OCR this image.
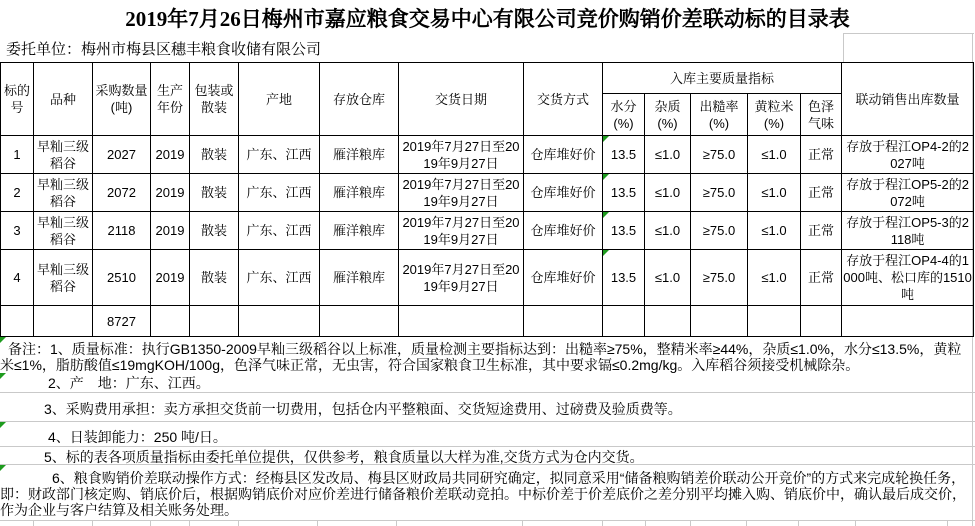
2019年7月26日梅州市嘉应粮食交易中心有限公司竞价购销价差联动标的目录表
委托单位：梅州市梅县区穗丰粮食收储有限公司
标的号	品种	采购数量(吨)	生产年份	包装或散装	产地	存放仓库	交货日期	交货方式	入库主要质量指标					联动销售出库数量
									水分(%)	杂质(%)	出糙率(%)	黄粒米(%)	色泽气味	
1	早籼三级稻谷	2027	2019	散装	广东、江西	雁洋粮库	2019年7月27日至2019年9月27日	仓库堆好价	13.5	≤1.0	≥75.0	≤1.0	正常	存放于程江OP4-2的2027吨
2	早籼三级稻谷	2072	2019	散装	广东、江西	雁洋粮库	2019年7月27日至2019年9月27日	仓库堆好价	13.5	≤1.0	≥75.0	≤1.0	正常	存放于程江OP5-2的2072吨
3	早籼三级稻谷	2118	2019	散装	广东、江西	雁洋粮库	2019年7月27日至2019年9月27日	仓库堆好价	13.5	≤1.0	≥75.0	≤1.0	正常	存放于程江OP5-3的2118吨
4	早籼三级稻谷	2510	2019	散装	广东、江西	雁洋粮库	2019年7月27日至2019年9月27日	仓库堆好价	13.5	≤1.0	≥75.0	≤1.0	正常	存放于程江OP4-4的1000吨、松口库的1510吨
		8727												
备注：1、质量标准：执行GB1350-2009早籼三级稻谷以上标准，质量检测主要指标达到：出糙率≥75%，整精米率≥44%，杂质≤1.0%，水分≤13.5%，黄粒米≤1%，脂肪酸值≤19mgKOH/100g，色泽气味正常，无虫害，符合国家粮食卫生标准，其中要求镉≤0.2mg/kg。入库稻谷须接受机械除杂。
2、产　地：广东、江西。
3、采购费用承担：卖方承担交货前一切费用，包括仓内平整粮面、交货短途费用、过磅费及验质费等。
4、日装卸能力：250 吨/日。
5、标的表各项质量指标由委托单位提供，仅供参考，粮食质量以大样为准,交货方式为仓内交货。
6、粮食购销价差联动操作方式：经梅县区发改局、梅县区财政局共同研究确定，拟同意采用“储备粮购销差价联动公开竞价”的方式来完成轮换任务，即：财政部门核定购、销底价后，根据购销底价对应价差进行储备粮价差联动竞拍。中标价差于价差底价之差分别平均摊入购、销底价中，确认最后成交价，作为企业与客户结算及相关账务处理。
